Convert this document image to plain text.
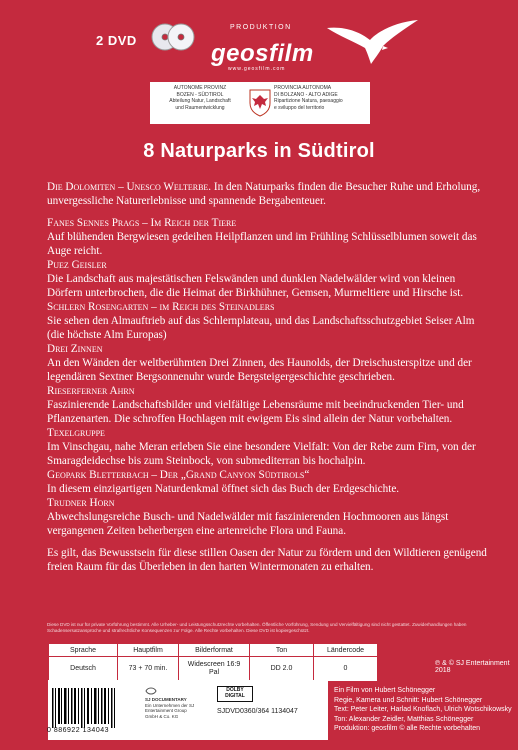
2 DVD
PRODUKTION
geosfilm
www.geosfilm.com
AUTONOME PROVINZ
BOZEN - SÜDTIROL
Abteilung Natur, Landschaft
und Raumentwicklung
PROVINCIA AUTONOMA
DI BOLZANO - ALTO ADIGE
Ripartizione Natura, paesaggio
e sviluppo del territorio
8 Naturparks in Südtirol

Die Dolomiten – Unesco Welterbe. In den Naturparks finden die Besucher Ruhe und Erholung, unvergessliche Naturerlebnisse und spannende Bergabenteuer.

Fanes Sennes Prags – Im Reich der Tiere

Auf blühenden Bergwiesen gedeihen Heilpflanzen und im Frühling Schlüsselblumen soweit das Auge reicht.

Puez Geisler

Die Landschaft aus majestätischen Felswänden und dunklen Nadelwälder wird von kleinen Dörfern unterbrochen, die die Heimat der Birkhühner, Gemsen, Murmeltiere und Hirsche ist.

Schlern Rosengarten – im Reich des Steinadlers

Sie sehen den Almauftrieb auf das Schlernplateau, und das Landschaftsschutzgebiet Seiser Alm (die höchste Alm Europas)

Drei Zinnen

An den Wänden der weltberühmten Drei Zinnen, des Haunolds, der Dreischusterspitze und der legendären Sextner Bergsonnenuhr wurde Bergsteigergeschichte geschrieben.

Rieserferner Ahrn

Faszinierende Landschaftsbilder und vielfältige Lebensräume mit beeindruckenden Tier- und Pflanzenarten. Die schroffen Hochlagen mit ewigem Eis sind allein der Natur vorbehalten.

Texelgruppe

Im Vinschgau, nahe Meran erleben Sie eine besondere Vielfalt: Von der Rebe zum Firn, von der Smaragdeidechse bis zum Steinbock, von submediterran bis hochalpin.

Geopark Bletterbach – Der „Grand Canyon Südtirols“

In diesem einzigartigen Naturdenkmal öffnet sich das Buch der Erdgeschichte.

Trudner Horn

Abwechslungsreiche Busch- und Nadelwälder mit faszinierenden Hochmooren aus längst vergangenen Zeiten beherbergen eine artenreiche Flora und Fauna.

Es gilt, das Bewusstsein für diese stillen Oasen der Natur zu fördern und den Wildtieren genügend freien Raum für das Überleben in den harten Wintermonaten zu erhalten.

Diese DVD ist nur für private Vorführung bestimmt. Alle Urheber- und Leistungsschutzrechte vorbehalten. Öffentliche Vorführung, Sendung und Vervielfältigung sind nicht gestattet. Zuwiderhandlungen haben Schadensersatzansprüche und strafrechtliche Konsequenzen zur Folge. Alle Rechte vorbehalten. Diese DVD ist kopiergeschützt.
Sprache	Hauptfilm	Bilderformat	Ton	Ländercode
Deutsch	73 + 70 min.	Widescreen 16:9 Pal	DD 2.0	0
℗ & © SJ Entertainment 2018
0 886922 134043
SJ DOCUMENTARY
Ein Unternehmen der SJ Entertainment Group GmbH & Co. KG
DOLBY
DIGITAL
SJDVD0360/364 1134047
Ein Film von Hubert Schönegger
Regie, Kamera und Schnitt: Hubert Schönegger
Text: Peter Leiter, Harlad Knoflach, Ulrich Wotschikowsky
Ton: Alexander Zeidler, Matthias Schönegger
Produktion: geosfilm © alle Rechte vorbehalten
